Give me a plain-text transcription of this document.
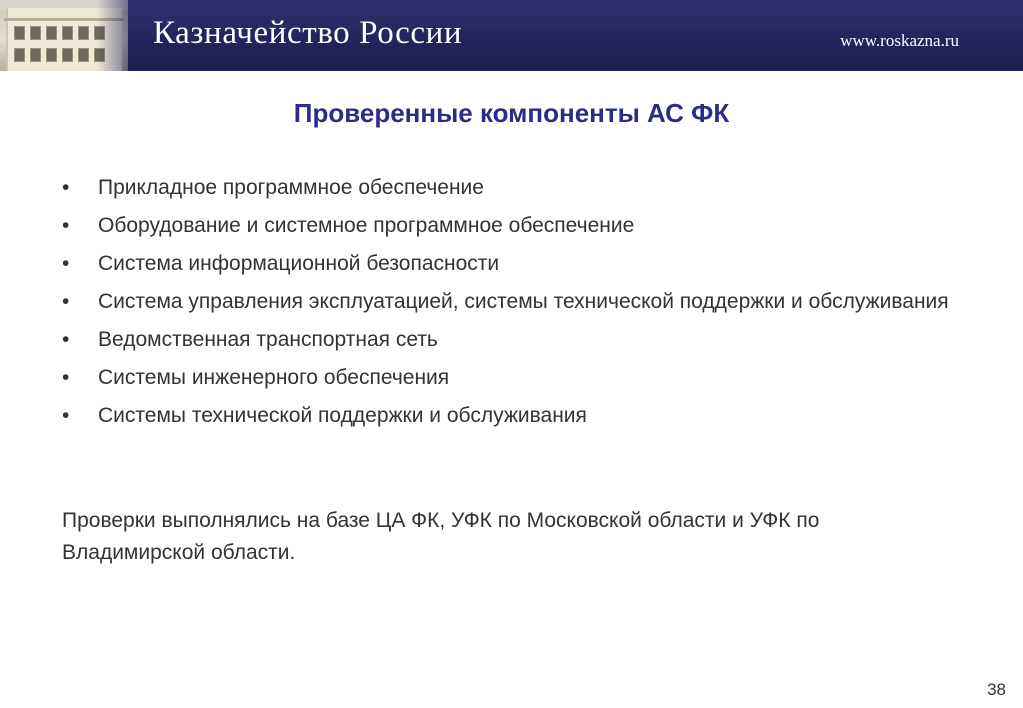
Казначейство России	www.roskazna.ru
Проверенные компоненты АС ФК
• Прикладное программное обеспечение
• Оборудование и системное программное обеспечение
• Система информационной безопасности
• Система управления эксплуатацией, системы технической поддержки и обслуживания
• Ведомственная транспортная сеть
• Системы инженерного обеспечения
• Системы технической поддержки и обслуживания
Проверки выполнялись на базе ЦА ФК, УФК по Московской области и УФК по Владимирской области.
38
